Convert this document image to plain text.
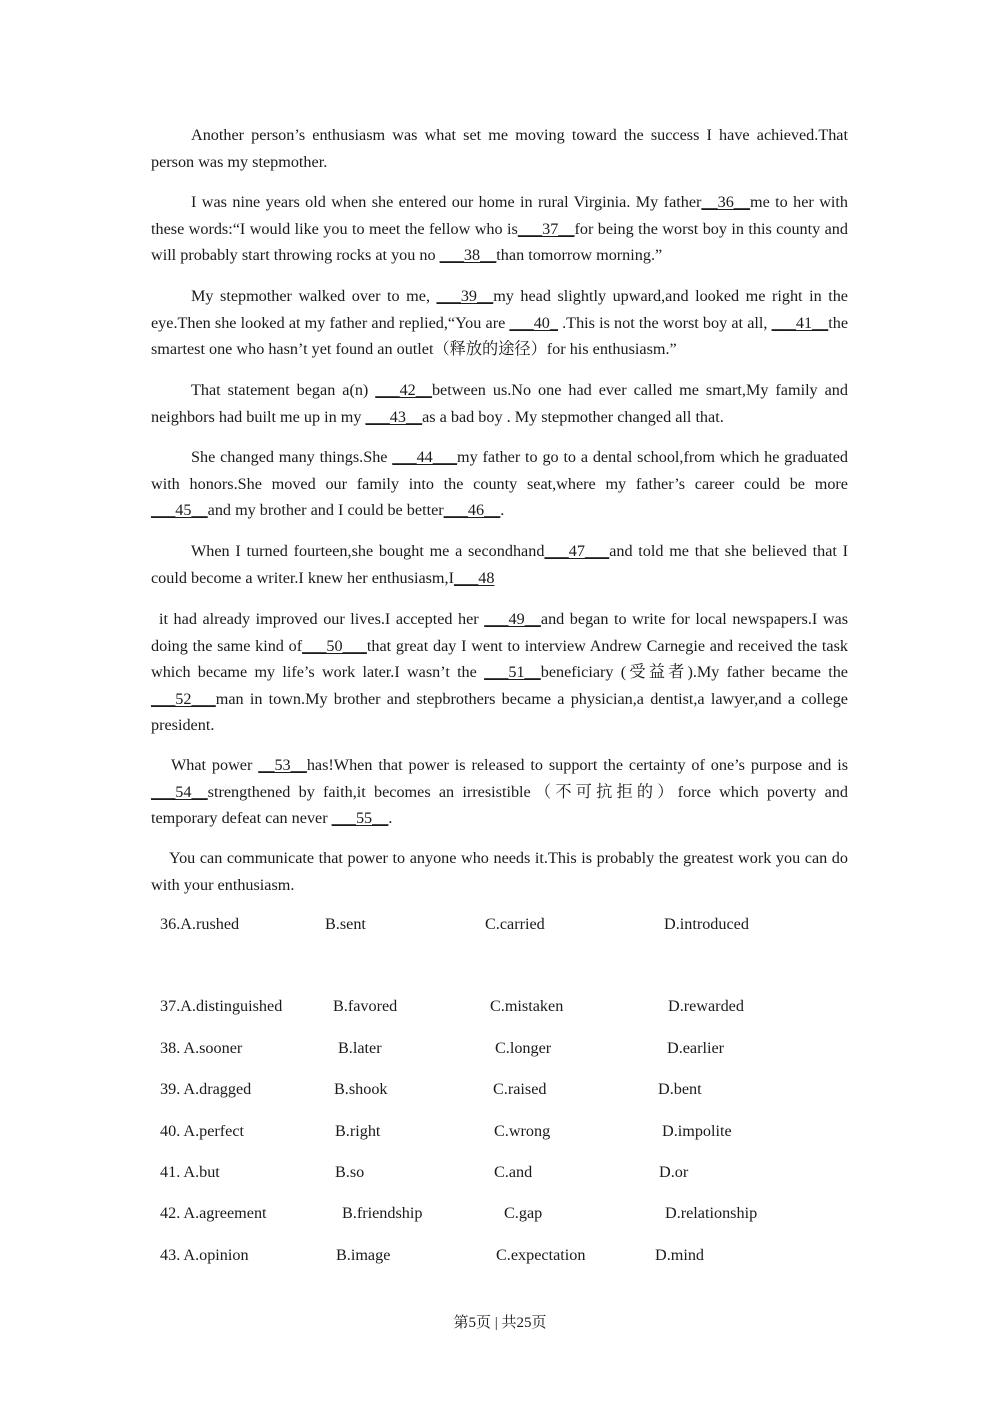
Another person’s enthusiasm was what set me moving toward the success I have achieved.That person was my stepmother.
I was nine years old when she entered our home in rural Virginia. My father__36__me to her with these words:“I would like you to meet the fellow who is___37__for being the worst boy in this county and will probably start throwing rocks at you no ___38__than tomorrow morning.”
My stepmother walked over to me, ___39__my head slightly upward,and looked me right in the eye.Then she looked at my father and replied,“You are ___40_ .This is not the worst boy at all, ___41__the smartest one who hasn’t yet found an outlet（释放的途径）for his enthusiasm.”
That statement began a(n) ___42__between us.No one had ever called me smart,My family and neighbors had built me up in my ___43__as a bad boy . My stepmother changed all that.
She changed many things.She ___44___my father to go to a dental school,from which he graduated with honors.She moved our family into the county seat,where my father’s career could be more ___45__and my brother and I could be better___46__.
When I turned fourteen,she bought me a secondhand___47___and told me that she believed that I could become a writer.I knew her enthusiasm,I___48
it had already improved our lives.I accepted her ___49__and began to write for local newspapers.I was doing the same kind of___50___that great day I went to interview Andrew Carnegie and received the task which became my life’s work later.I wasn’t the ___51__beneficiary (受益者).My father became the ___52___man in town.My brother and stepbrothers became a physician,a dentist,a lawyer,and a college president.
What power __53__has!When that power is released to support the certainty of one’s purpose and is ___54__strengthened by faith,it becomes an irresistible（不可抗拒的）force which poverty and temporary defeat can never ___55__.
You can communicate that power to anyone who needs it.This is probably the greatest work you can do with your enthusiasm.
36.A.rushed	B.sent	C.carried	D.introduced
37.A.distinguished	B.favored	C.mistaken	D.rewarded
38. A.sooner	B.later	C.longer	D.earlier
39. A.dragged	B.shook	C.raised	D.bent
40. A.perfect	B.right	C.wrong	D.impolite
41. A.but	B.so	C.and	D.or
42. A.agreement	B.friendship	C.gap	D.relationship
43. A.opinion	B.image	C.expectation	D.mind
第5页 | 共25页
